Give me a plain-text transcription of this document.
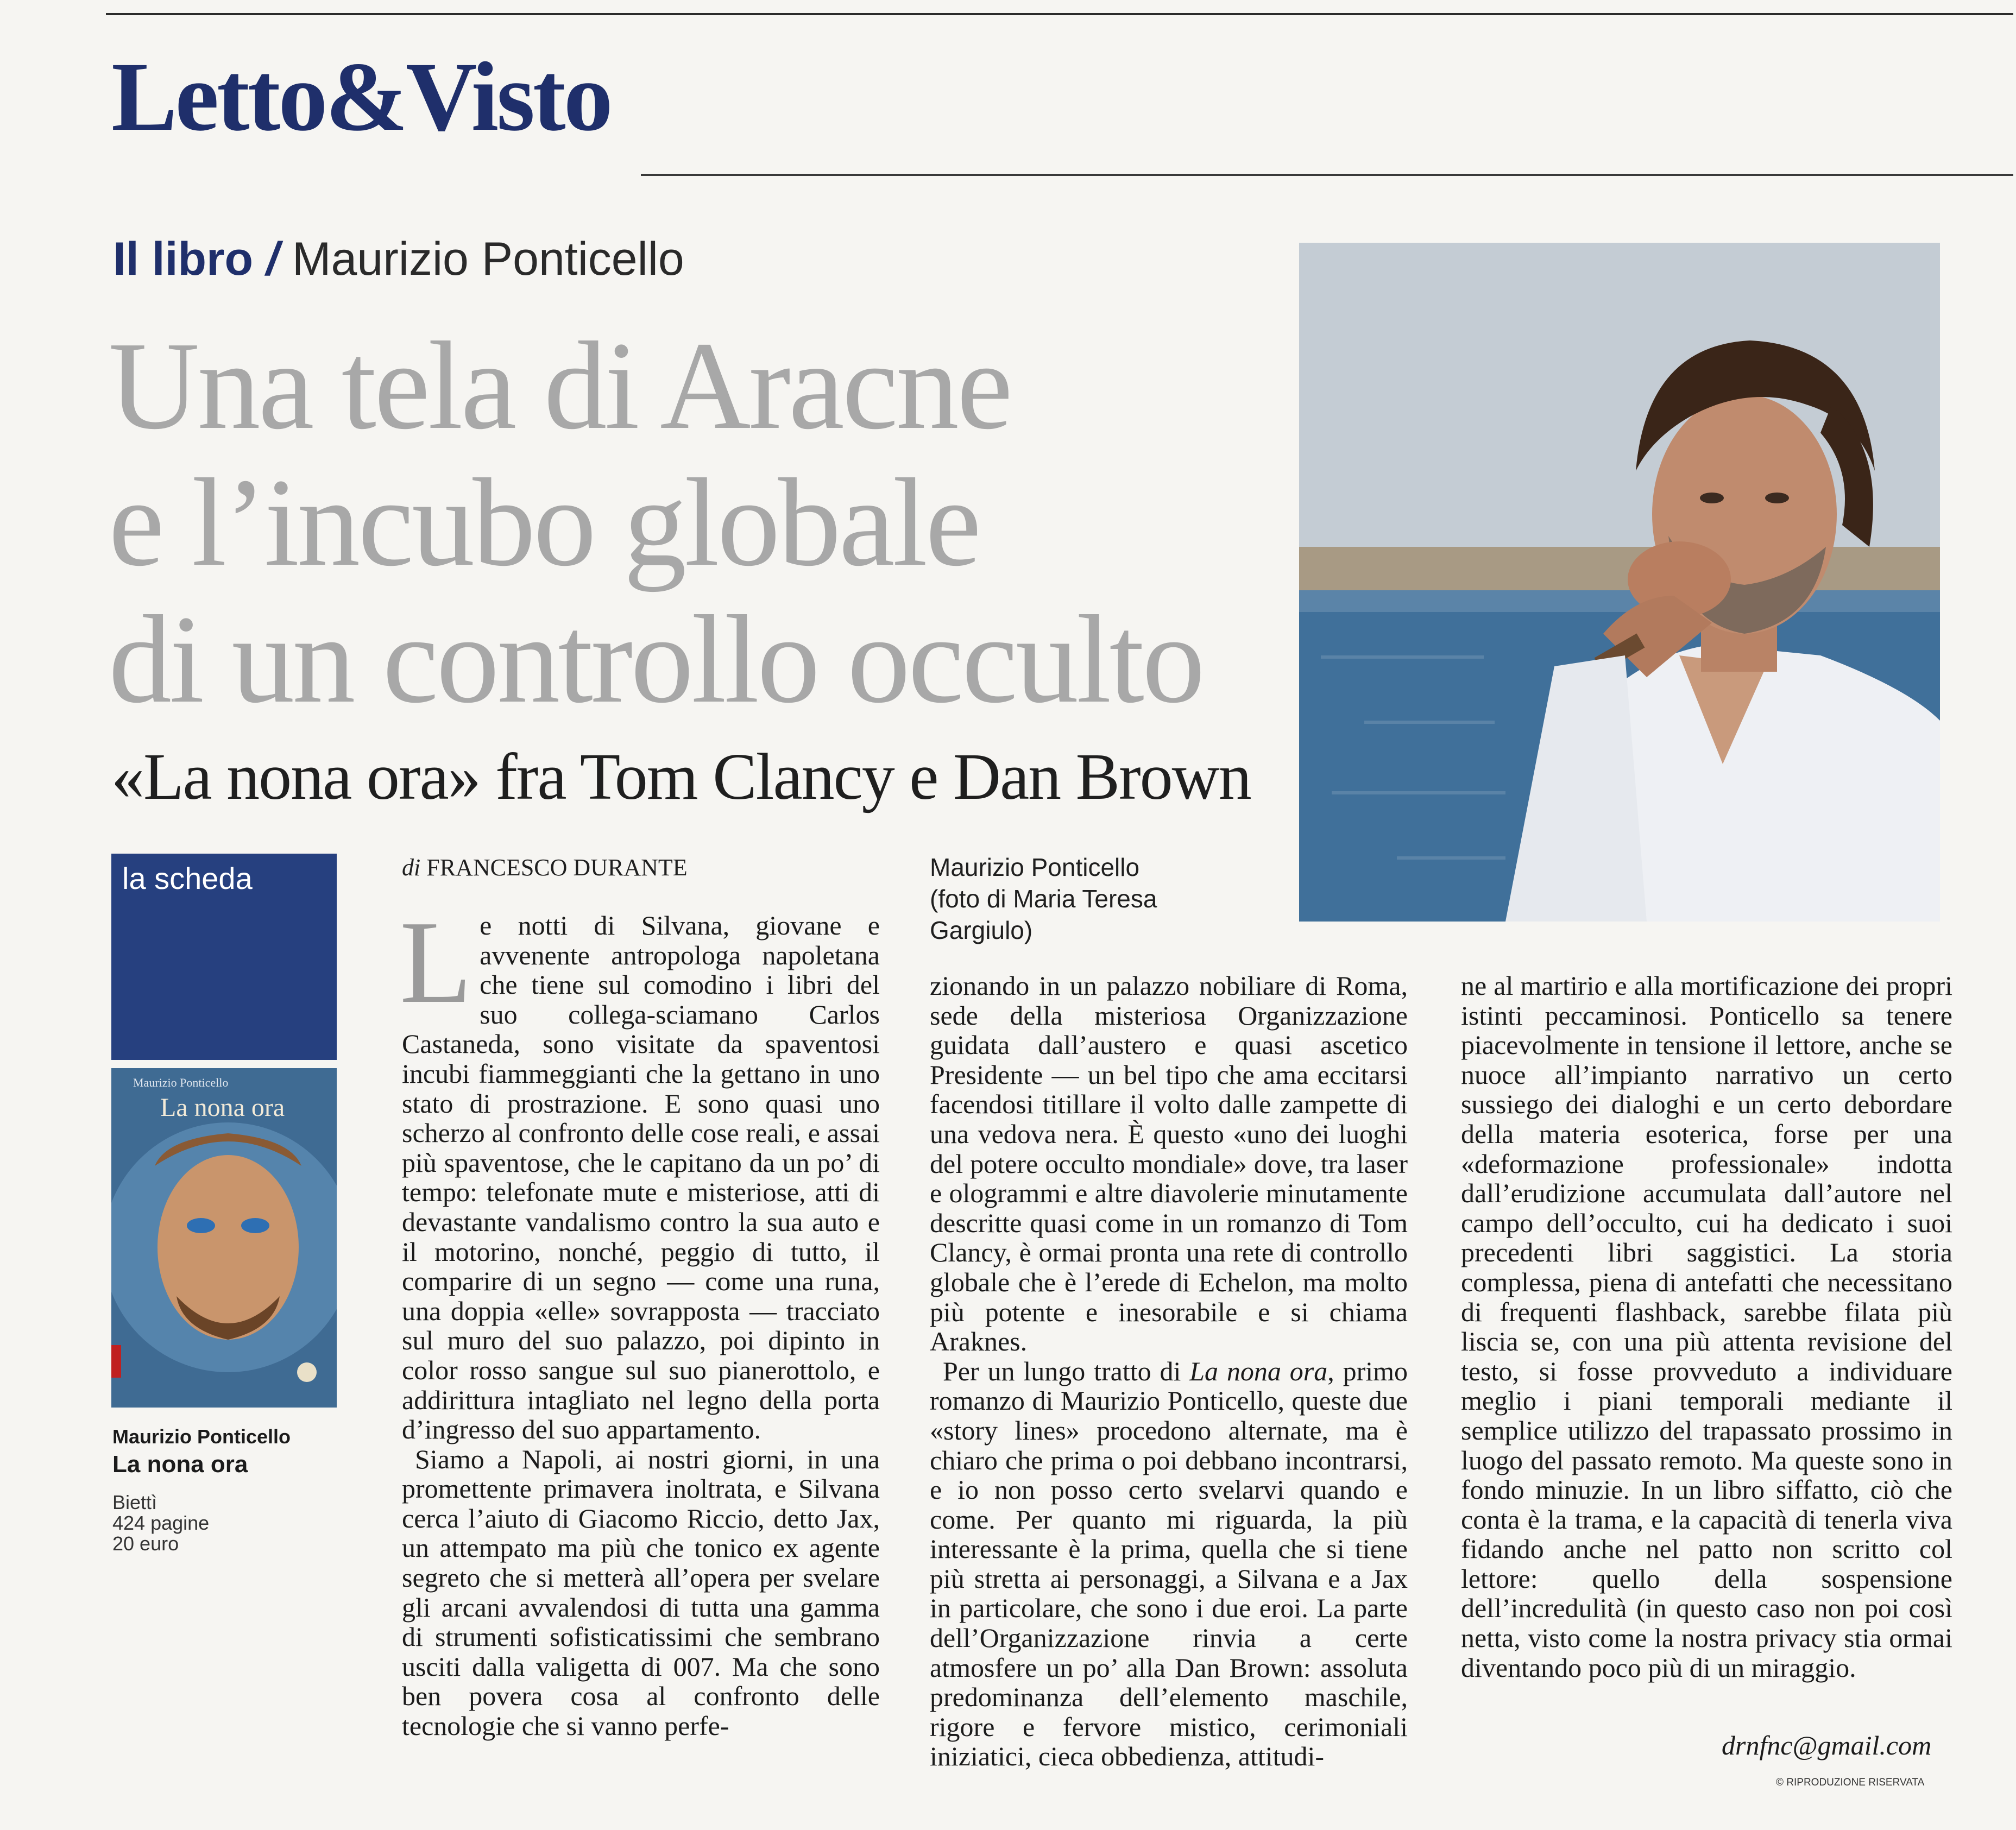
Letto&Visto
Il libro / Maurizio Ponticello
Una tela di Aracne
e l’incubo globale
di un controllo occulto
«La nona ora» fra Tom Clancy e Dan Brown
Maurizio Ponticello
(foto di Maria Teresa
Gargiulo)
la scheda
Maurizio Ponticello
La nona ora
Maurizio Ponticello
La nona ora
Biettì
424 pagine
20 euro
di FRANCESCO DURANTE

Le notti di Silvana, giovane e avvenente antropologa napoletana che tiene sul comodino i libri del suo collega-sciamano Carlos Castaneda, sono visitate da spaventosi incubi fiammeggianti che la gettano in uno stato di prostrazione. E sono quasi uno scherzo al confronto delle cose reali, e assai più spaventose, che le capitano da un po’ di tempo: telefonate mute e misteriose, atti di devastante vandalismo contro la sua auto e il motorino, nonché, peggio di tutto, il comparire di un segno — come una runa, una doppia «elle» sovrapposta — tracciato sul muro del suo palazzo, poi dipinto in color rosso sangue sul suo pianerottolo, e addirittura intagliato nel legno della porta d’ingresso del suo appartamento.

Siamo a Napoli, ai nostri giorni, in una promettente primavera inoltrata, e Silvana cerca l’aiuto di Giacomo Riccio, detto Jax, un attempato ma più che tonico ex agente segreto che si metterà all’opera per svelare gli arcani avvalendosi di tutta una gamma di strumenti sofisticatissimi che sembrano usciti dalla valigetta di 007. Ma che sono ben povera cosa al confronto delle tecnologie che si vanno perfe-

zionando in un palazzo nobiliare di Roma, sede della misteriosa Organizzazione guidata dall’austero e quasi ascetico Presidente — un bel tipo che ama eccitarsi facendosi titillare il volto dalle zampette di una vedova nera. È questo «uno dei luoghi del potere occulto mondiale» dove, tra laser e ologrammi e altre diavolerie minutamente descritte quasi come in un romanzo di Tom Clancy, è ormai pronta una rete di controllo globale che è l’erede di Echelon, ma molto più potente e inesorabile e si chiama Araknes.

Per un lungo tratto di La nona ora, primo romanzo di Maurizio Ponticello, queste due «story lines» procedono alternate, ma è chiaro che prima o poi debbano incontrarsi, e io non posso certo svelarvi quando e come. Per quanto mi riguarda, la più interessante è la prima, quella che si tiene più stretta ai personaggi, a Silvana e a Jax in particolare, che sono i due eroi. La parte dell’Organizzazione rinvia a certe atmosfere un po’ alla Dan Brown: assoluta predominanza dell’elemento maschile, rigore e fervore mistico, cerimoniali iniziatici, cieca obbedienza, attitudi-

ne al martirio e alla mortificazione dei propri istinti peccaminosi. Ponticello sa tenere piacevolmente in tensione il lettore, anche se nuoce all’impianto narrativo un certo sussiego dei dialoghi e un certo debordare della materia esoterica, forse per una «deformazione professionale» indotta dall’erudizione accumulata dall’autore nel campo dell’occulto, cui ha dedicato i suoi precedenti libri saggistici. La storia complessa, piena di antefatti che necessitano di frequenti flashback, sarebbe filata più liscia se, con una più attenta revisione del testo, si fosse provveduto a individuare meglio i piani temporali mediante il semplice utilizzo del trapassato prossimo in luogo del passato remoto. Ma queste sono in fondo minuzie. In un libro siffatto, ciò che conta è la trama, e la capacità di tenerla viva fidando anche nel patto non scritto col lettore: quello della sospensione dell’incredulità (in questo caso non poi così netta, visto come la nostra privacy stia ormai diventando poco più di un miraggio.

drnfnc@gmail.com
© RIPRODUZIONE RISERVATA
